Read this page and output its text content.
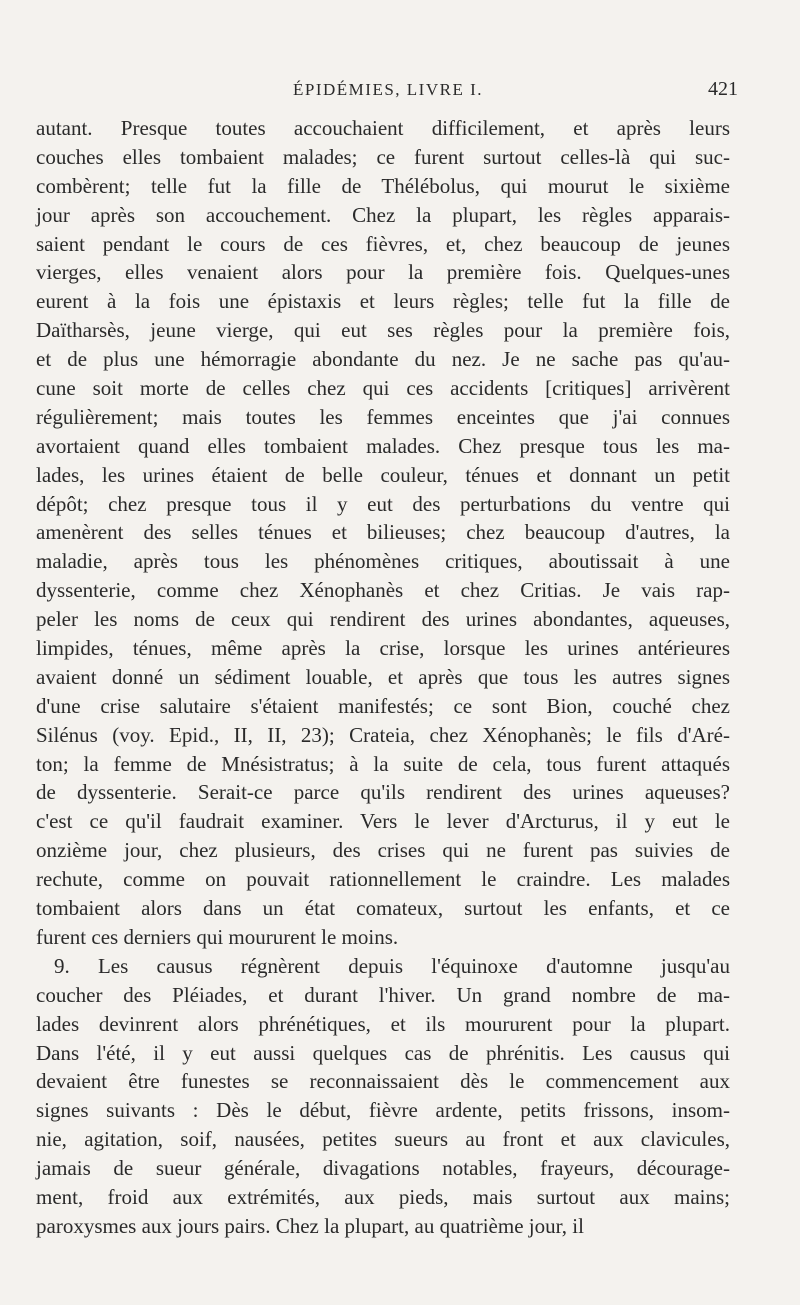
ÉPIDÉMIES, LIVRE I.	421
autant. Presque toutes accouchaient difficilement, et après leurs
couches elles tombaient malades; ce furent surtout celles-là qui suc-
combèrent; telle fut la fille de Thélébolus, qui mourut le sixième
jour après son accouchement. Chez la plupart, les règles apparais-
saient pendant le cours de ces fièvres, et, chez beaucoup de jeunes
vierges, elles venaient alors pour la première fois. Quelques-unes
eurent à la fois une épistaxis et leurs règles; telle fut la fille de
Daïtharsès, jeune vierge, qui eut ses règles pour la première fois,
et de plus une hémorragie abondante du nez. Je ne sache pas qu'au-
cune soit morte de celles chez qui ces accidents [critiques] arrivèrent
régulièrement; mais toutes les femmes enceintes que j'ai connues
avortaient quand elles tombaient malades. Chez presque tous les ma-
lades, les urines étaient de belle couleur, ténues et donnant un petit
dépôt; chez presque tous il y eut des perturbations du ventre qui
amenèrent des selles ténues et bilieuses; chez beaucoup d'autres, la
maladie, après tous les phénomènes critiques, aboutissait à une
dyssenterie, comme chez Xénophanès et chez Critias. Je vais rap-
peler les noms de ceux qui rendirent des urines abondantes, aqueuses,
limpides, ténues, même après la crise, lorsque les urines antérieures
avaient donné un sédiment louable, et après que tous les autres signes
d'une crise salutaire s'étaient manifestés; ce sont Bion, couché chez
Silénus (voy. Epid., II, II, 23); Crateia, chez Xénophanès; le fils d'Aré-
ton; la femme de Mnésistratus; à la suite de cela, tous furent attaqués
de dyssenterie. Serait-ce parce qu'ils rendirent des urines aqueuses?
c'est ce qu'il faudrait examiner. Vers le lever d'Arcturus, il y eut le
onzième jour, chez plusieurs, des crises qui ne furent pas suivies de
rechute, comme on pouvait rationnellement le craindre. Les malades
tombaient alors dans un état comateux, surtout les enfants, et ce
furent ces derniers qui moururent le moins.
9. Les causus régnèrent depuis l'équinoxe d'automne jusqu'au
coucher des Pléiades, et durant l'hiver. Un grand nombre de ma-
lades devinrent alors phrénétiques, et ils moururent pour la plupart.
Dans l'été, il y eut aussi quelques cas de phrénitis. Les causus qui
devaient être funestes se reconnaissaient dès le commencement aux
signes suivants : Dès le début, fièvre ardente, petits frissons, insom-
nie, agitation, soif, nausées, petites sueurs au front et aux clavicules,
jamais de sueur générale, divagations notables, frayeurs, découragе-
ment, froid aux extrémités, aux pieds, mais surtout aux mains;
paroxysmes aux jours pairs. Chez la plupart, au quatrième jour, il
